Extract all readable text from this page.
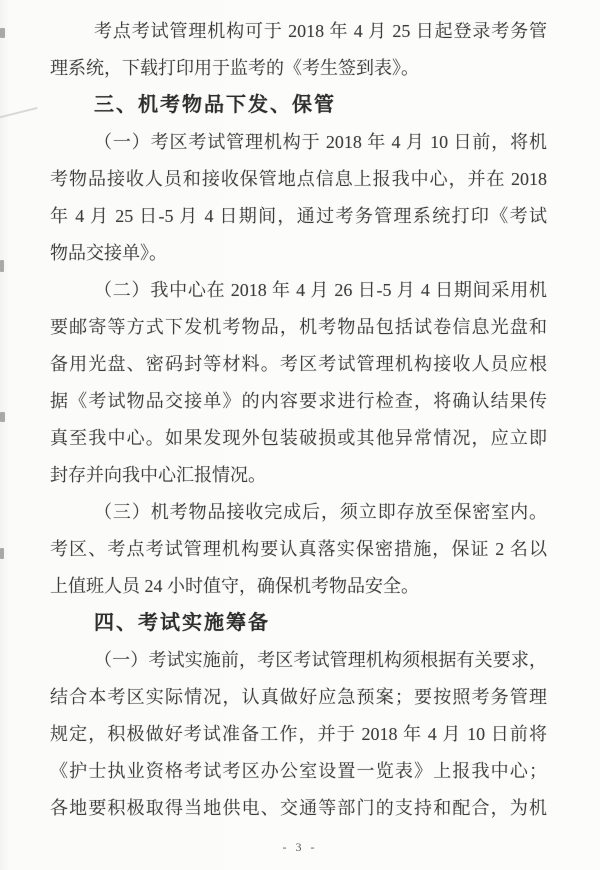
考点考试管理机构可于 2018 年 4 月 25 日起登录考务管
理系统，下载打印用于监考的《考生签到表》。
三、机考物品下发、保管
（一）考区考试管理机构于 2018 年 4 月 10 日前，将机
考物品接收人员和接收保管地点信息上报我中心，并在 2018
年 4 月 25 日-5 月 4 日期间，通过考务管理系统打印《考试
物品交接单》。
（二）我中心在 2018 年 4 月 26 日-5 月 4 日期间采用机
要邮寄等方式下发机考物品，机考物品包括试卷信息光盘和
备用光盘、密码封等材料。考区考试管理机构接收人员应根
据《考试物品交接单》的内容要求进行检查，将确认结果传
真至我中心。如果发现外包装破损或其他异常情况，应立即
封存并向我中心汇报情况。
（三）机考物品接收完成后，须立即存放至保密室内。
考区、考点考试管理机构要认真落实保密措施，保证 2 名以
上值班人员 24 小时值守，确保机考物品安全。
四、考试实施筹备
（一）考试实施前，考区考试管理机构须根据有关要求，
结合本考区实际情况，认真做好应急预案；要按照考务管理
规定，积极做好考试准备工作，并于 2018 年 4 月 10 日前将
《护士执业资格考试考区办公室设置一览表》上报我中心；
各地要积极取得当地供电、交通等部门的支持和配合，为机
- 3 -
